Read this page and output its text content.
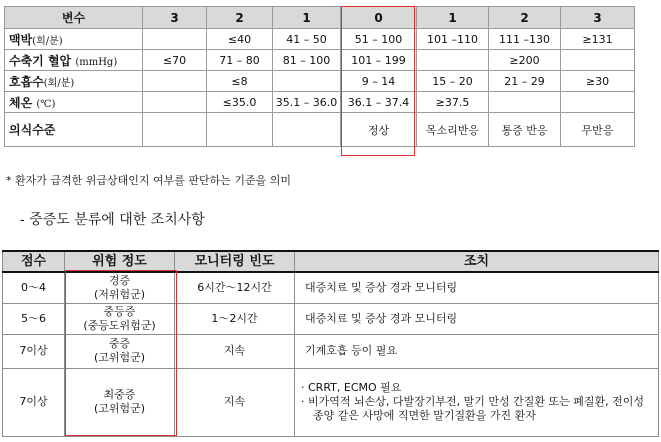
변수	3	2	1	0	1	2	3
맥박(회/분)		≤40	41 – 50	51 – 100	101 –110	111 –130	≥131
수축기 혈압 (mmHg)	≤70	71 – 80	81 – 100	101 – 199		≥200	
호흡수(회/분)		≤8		9 – 14	15 – 20	21 – 29	≥30
체온 (℃)		≤35.0	35.1 – 36.0	36.1 – 37.4	≥37.5		
의식수준				정상	목소리반응	통증 반응	무반응
* 환자가 급격한 위급상태인지 여부를 판단하는 기준을 의미
- 중증도 분류에 대한 조치사항
점수	위험 정도	모니터링 빈도	조치
0～4	경증
(저위험군)	6시간～12시간	대증치료 및 증상 경과 모니터링

5～6	중등증
(중등도위험군)	1～2시간	대증치료 및 증상 경과 모니터링

7이상	중증
(고위험군)	지속	기계호흡 등이 필요

7이상	최중증
(고위험군)	지속	· CRRT, ECMO 필요
· 비가역적 뇌손상, 다발장기부전, 말기 만성 간질환 또는 폐질환, 전이성 종양 같은 사망에 직면한 말기질환을 가진 환자
